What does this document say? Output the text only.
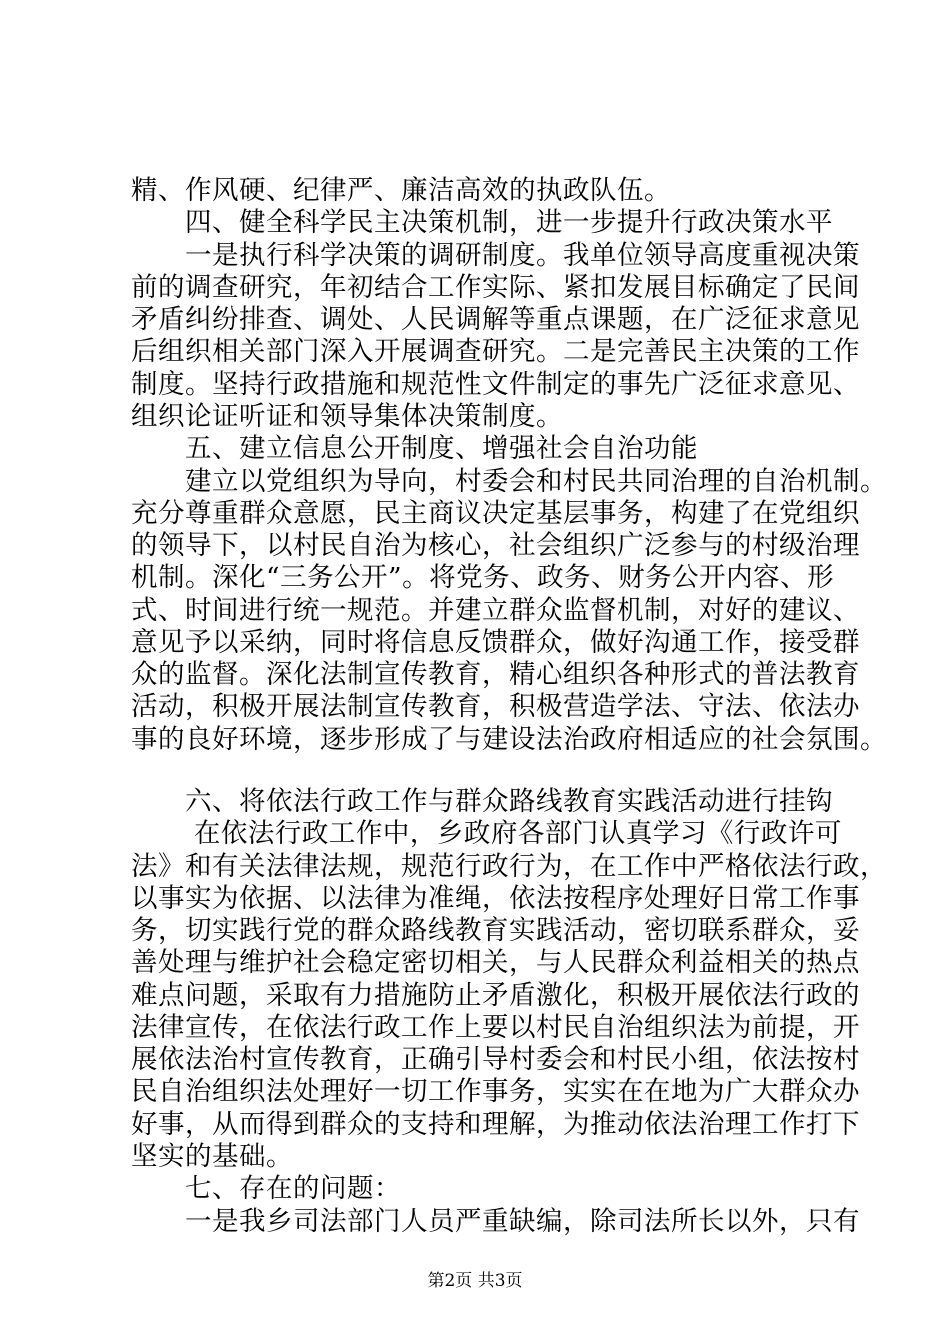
精、作风硬、纪律严、廉洁高效的执政队伍。
　　四、健全科学民主决策机制，进一步提升行政决策水平
　　一是执行科学决策的调研制度。我单位领导高度重视决策
前的调查研究，年初结合工作实际、紧扣发展目标确定了民间
矛盾纠纷排查、调处、人民调解等重点课题，在广泛征求意见
后组织相关部门深入开展调查研究。二是完善民主决策的工作
制度。坚持行政措施和规范性文件制定的事先广泛征求意见、
组织论证听证和领导集体决策制度。
　　五、建立信息公开制度、增强社会自治功能
　　建立以党组织为导向，村委会和村民共同治理的自治机制。
充分尊重群众意愿，民主商议决定基层事务，构建了在党组织
的领导下，以村民自治为核心，社会组织广泛参与的村级治理
机制。深化“三务公开”。将党务、政务、财务公开内容、形
式、时间进行统一规范。并建立群众监督机制，对好的建议、
意见予以采纳，同时将信息反馈群众，做好沟通工作，接受群
众的监督。深化法制宣传教育，精心组织各种形式的普法教育
活动，积极开展法制宣传教育，积极营造学法、守法、依法办
事的良好环境，逐步形成了与建设法治政府相适应的社会氛围。
　　六、将依法行政工作与群众路线教育实践活动进行挂钩
　　 在依法行政工作中，乡政府各部门认真学习《行政许可
法》和有关法律法规，规范行政行为，在工作中严格依法行政，
以事实为依据、以法律为准绳，依法按程序处理好日常工作事
务，切实践行党的群众路线教育实践活动，密切联系群众，妥
善处理与维护社会稳定密切相关，与人民群众利益相关的热点
难点问题，采取有力措施防止矛盾激化，积极开展依法行政的
法律宣传，在依法行政工作上要以村民自治组织法为前提，开
展依法治村宣传教育，正确引导村委会和村民小组，依法按村
民自治组织法处理好一切工作事务，实实在在地为广大群众办
好事，从而得到群众的支持和理解，为推动依法治理工作打下
坚实的基础。
　　七、存在的问题：
　　一是我乡司法部门人员严重缺编，除司法所长以外，只有
第2页 共3页
